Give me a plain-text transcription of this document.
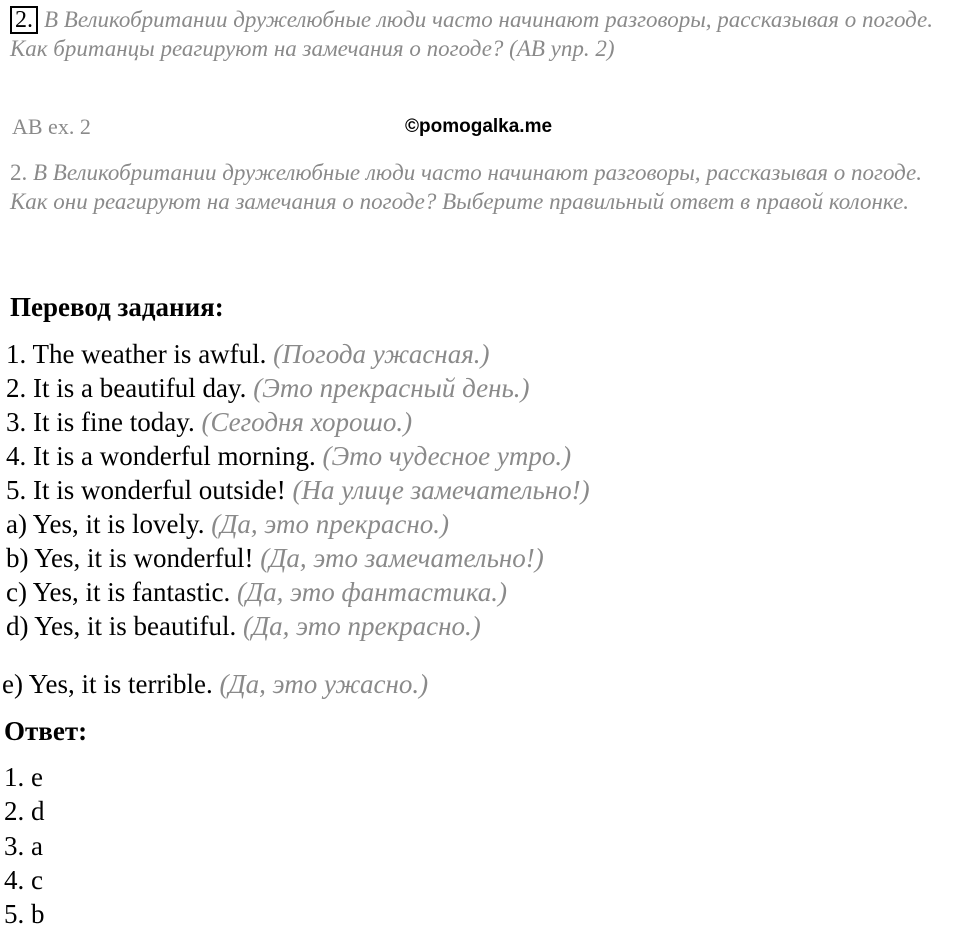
2. В Великобритании дружелюбные люди часто начинают разговоры, рассказывая о погоде.
Как британцы реагируют на замечания о погоде? (AB упр. 2)
AB ex. 2	©pomogalka.me
2. В Великобритании дружелюбные люди часто начинают разговоры, рассказывая о погоде.
Как они реагируют на замечания о погоде? Выберите правильный ответ в правой колонке.
Перевод задания:
1. The weather is awful. (Погода ужасная.)
2. It is a beautiful day. (Это прекрасный день.)
3. It is fine today. (Сегодня хорошо.)
4. It is a wonderful morning. (Это чудесное утро.)
5. It is wonderful outside! (На улице замечательно!)
a) Yes, it is lovely. (Да, это прекрасно.)
b) Yes, it is wonderful! (Да, это замечательно!)
c) Yes, it is fantastic. (Да, это фантастика.)
d) Yes, it is beautiful. (Да, это прекрасно.)
e) Yes, it is terrible. (Да, это ужасно.)
Ответ:
1. e
2. d
3. a
4. c
5. b
